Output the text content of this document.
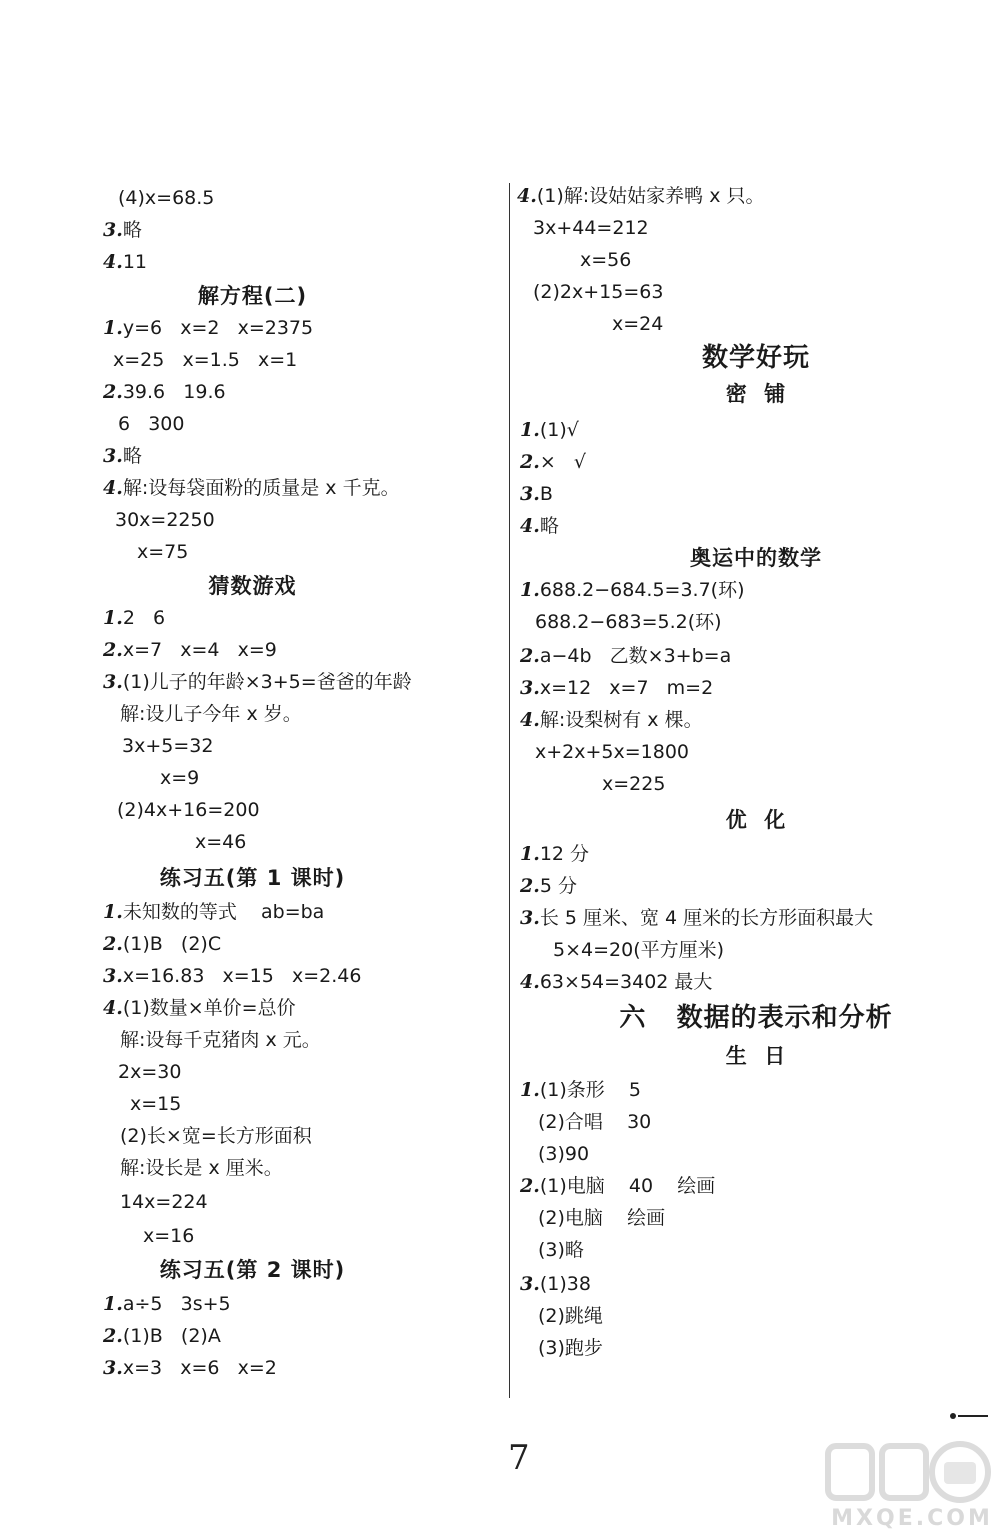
(4)x=68.5
3.略
4.11
解方程(二)
1.y=6   x=2   x=2375
x=25   x=1.5   x=1
2.39.6   19.6
6   300
3.略
4.解:设每袋面粉的质量是 x 千克。
30x=2250
x=75
猜数游戏
1.2   6
2.x=7   x=4   x=9
3.(1)儿子的年龄×3+5=爸爸的年龄
解:设儿子今年 x 岁。
3x+5=32
x=9
(2)4x+16=200
x=46
练习五(第 1 课时)
1.未知数的等式    ab=ba
2.(1)B   (2)C
3.x=16.83   x=15   x=2.46
4.(1)数量×单价=总价
解:设每千克猪肉 x 元。
2x=30
x=15
(2)长×宽=长方形面积
解:设长是 x 厘米。
14x=224
x=16
练习五(第 2 课时)
1.a÷5   3s+5
2.(1)B   (2)A
3.x=3   x=6   x=2
4.(1)解:设姑姑家养鸭 x 只。
3x+44=212
x=56
(2)2x+15=63
x=24
数学好玩
密  铺
1.(1)√
2.×   √
3.B
4.略
奥运中的数学
1.688.2−684.5=3.7(环)
688.2−683=5.2(环)
2.a−4b   乙数×3+b=a
3.x=12   x=7   m=2
4.解:设梨树有 x 棵。
x+2x+5x=1800
x=225
优  化
1.12 分
2.5 分
3.长 5 厘米、宽 4 厘米的长方形面积最大
5×4=20(平方厘米)
4.63×54=3402 最大
六   数据的表示和分析
生  日
1.(1)条形    5
(2)合唱    30
(3)90
2.(1)电脑    40    绘画
(2)电脑    绘画
(3)略
3.(1)38
(2)跳绳
(3)跑步
7
MXQE.COM
